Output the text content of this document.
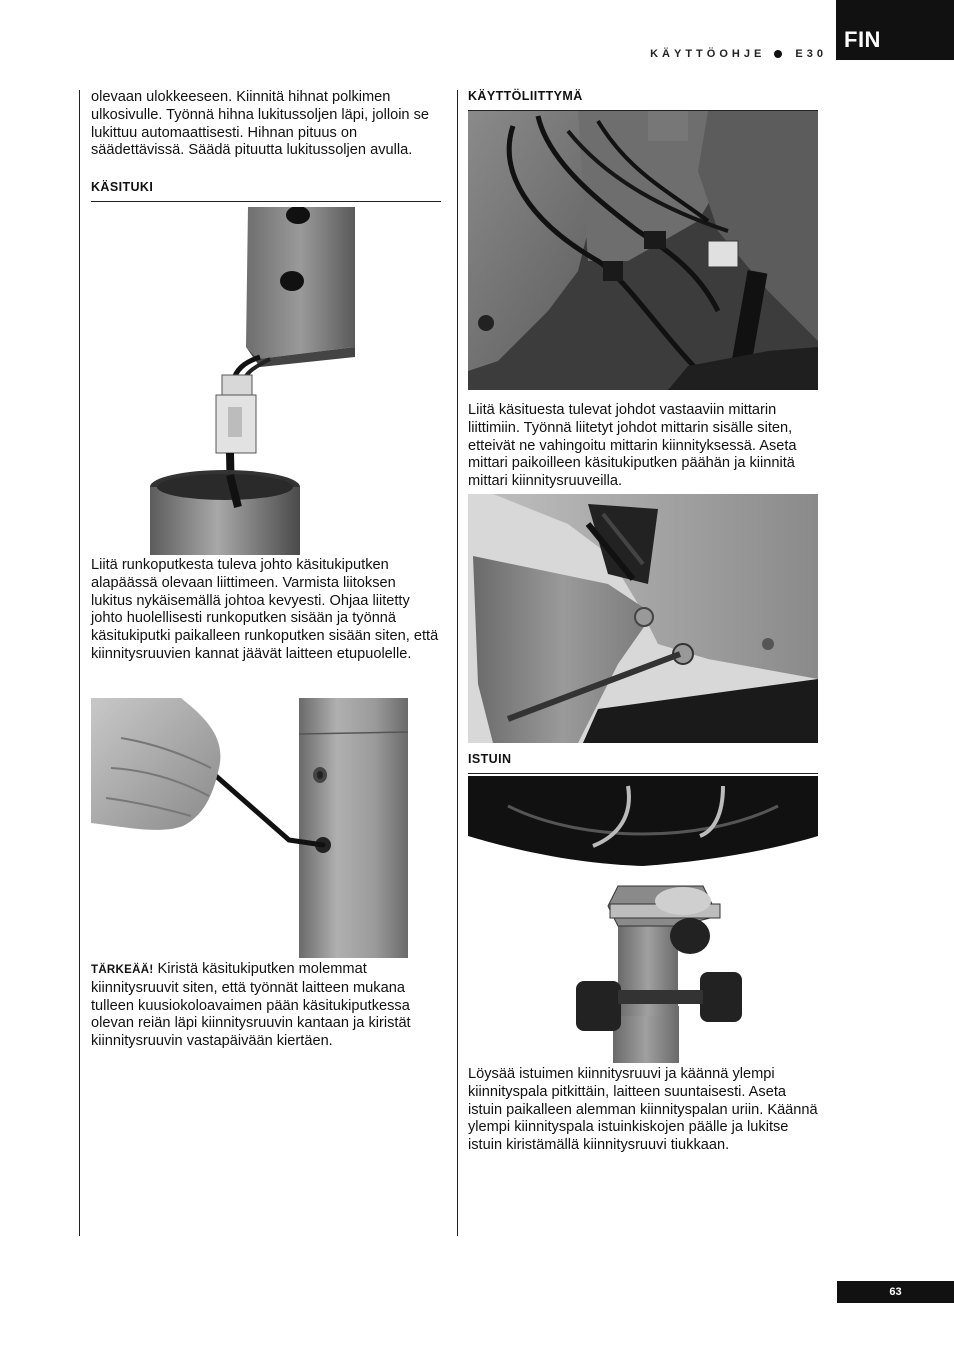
FIN
KÄYTTÖOHJE	E30

olevaan ulokkeeseen. Kiinnitä hihnat polkimen ulkosivulle. Työnnä hihna lukitussoljen läpi, jolloin se lukittuu automaattisesti. Hihnan pituus on säädettävissä. Säädä pituutta lukitussoljen avulla.

KÄSITUKI

Liitä runkoputkesta tuleva johto käsitukiputken alapäässä olevaan liittimeen. Varmista liitoksen lukitus nykäisemällä johtoa kevyesti. Ohjaa liitetty johto huolellisesti runkoputken sisään ja työnnä käsitukiputki paikalleen runkoputken sisään siten, että kiinnitysruuvien kannat jäävät laitteen etupuolelle.

TÄRKEÄÄ! Kiristä käsitukiputken molemmat kiinnitysruuvit siten, että työnnät laitteen mukana tulleen kuusiokoloavaimen pään käsitukiputkessa olevan reiän läpi kiinnitysruuvin kantaan ja kiristät kiinnitysruuvin vastapäivään kiertäen.

KÄYTTÖLIITTYMÄ

Liitä käsituesta tulevat johdot vastaaviin mittarin liittimiin. Työnnä liitetyt johdot mittarin sisälle siten, etteivät ne vahingoitu mittarin kiinnityksessä. Aseta mittari paikoilleen käsitukiputken päähän ja kiinnitä mittari kiinnitysruuveilla.

ISTUIN

Löysää istuimen kiinnitysruuvi ja käännä ylempi kiinnityspala pitkittäin, laitteen suuntaisesti. Aseta istuin paikalleen alemman kiinnityspalan uriin. Käännä ylempi kiinnityspala istuinkiskojen päälle ja lukitse istuin kiristämällä kiinnitysruuvi tiukkaan.

63
